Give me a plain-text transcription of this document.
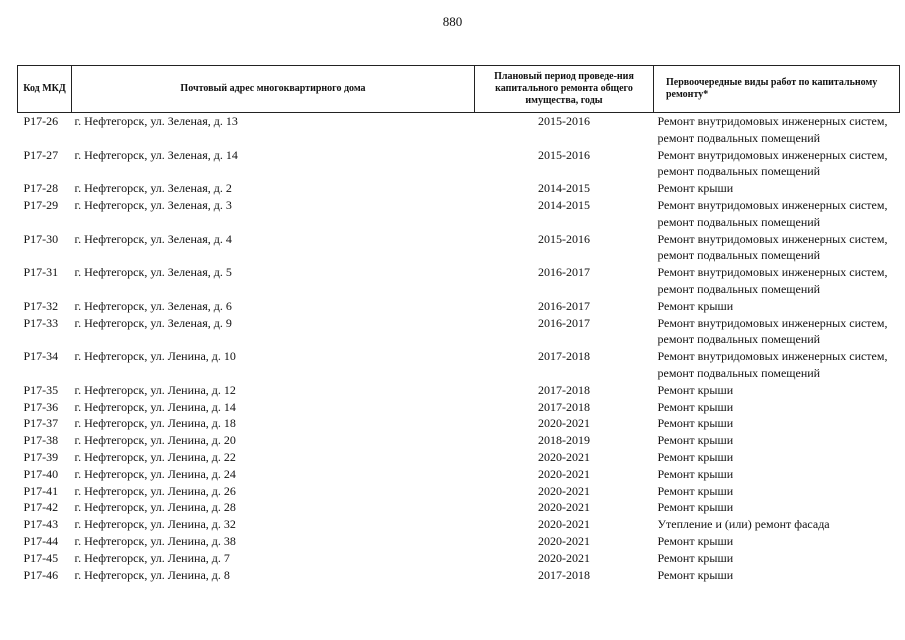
880
Код МКД	Почтовый адрес многоквартирного дома	Плановый период проведе-ния капитального ремонта общего имущества, годы	Первоочередные виды работ по капитальному ремонту*
Р17-26	г. Нефтегорск, ул. Зеленая, д. 13	2015-2016	Ремонт внутридомовых инженерных систем,
ремонт подвальных помещений

Р17-27	г. Нефтегорск, ул. Зеленая, д. 14	2015-2016	Ремонт внутридомовых инженерных систем,
ремонт подвальных помещений

Р17-28	г. Нефтегорск, ул. Зеленая, д. 2	2014-2015	Ремонт крыши

Р17-29	г. Нефтегорск, ул. Зеленая, д. 3	2014-2015	Ремонт внутридомовых инженерных систем,
ремонт подвальных помещений

Р17-30	г. Нефтегорск, ул. Зеленая, д. 4	2015-2016	Ремонт внутридомовых инженерных систем,
ремонт подвальных помещений

Р17-31	г. Нефтегорск, ул. Зеленая, д. 5	2016-2017	Ремонт внутридомовых инженерных систем,
ремонт подвальных помещений

Р17-32	г. Нефтегорск, ул. Зеленая, д. 6	2016-2017	Ремонт крыши

Р17-33	г. Нефтегорск, ул. Зеленая, д. 9	2016-2017	Ремонт внутридомовых инженерных систем,
ремонт подвальных помещений

Р17-34	г. Нефтегорск, ул. Ленина, д. 10	2017-2018	Ремонт внутридомовых инженерных систем,
ремонт подвальных помещений

Р17-35	г. Нефтегорск, ул. Ленина, д. 12	2017-2018	Ремонт крыши

Р17-36	г. Нефтегорск, ул. Ленина, д. 14	2017-2018	Ремонт крыши

Р17-37	г. Нефтегорск, ул. Ленина, д. 18	2020-2021	Ремонт крыши

Р17-38	г. Нефтегорск, ул. Ленина, д. 20	2018-2019	Ремонт крыши

Р17-39	г. Нефтегорск, ул. Ленина, д. 22	2020-2021	Ремонт крыши

Р17-40	г. Нефтегорск, ул. Ленина, д. 24	2020-2021	Ремонт крыши

Р17-41	г. Нефтегорск, ул. Ленина, д. 26	2020-2021	Ремонт крыши

Р17-42	г. Нефтегорск, ул. Ленина, д. 28	2020-2021	Ремонт крыши

Р17-43	г. Нефтегорск, ул. Ленина, д. 32	2020-2021	Утепление и (или) ремонт фасада

Р17-44	г. Нефтегорск, ул. Ленина, д. 38	2020-2021	Ремонт крыши

Р17-45	г. Нефтегорск, ул. Ленина, д. 7	2020-2021	Ремонт крыши

Р17-46	г. Нефтегорск, ул. Ленина, д. 8	2017-2018	Ремонт крыши
